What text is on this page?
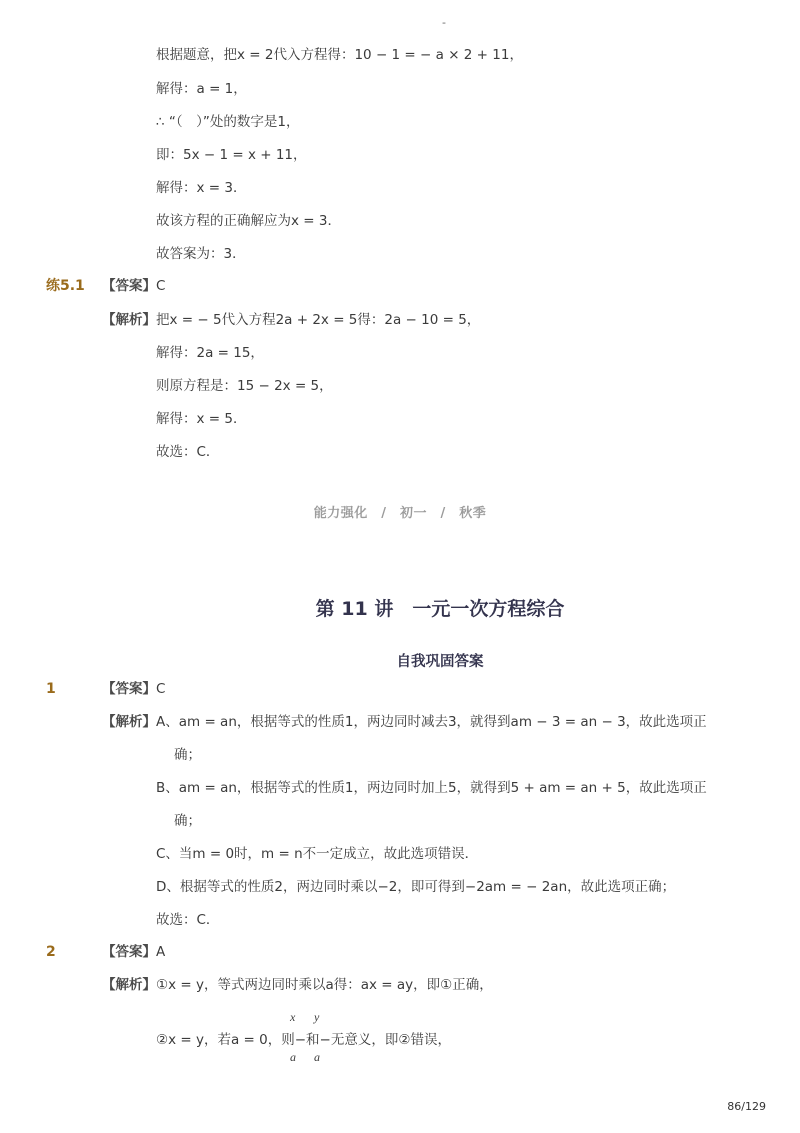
-
根据题意，把x = 2代入方程得：10 − 1 = − a × 2 + 11，
解得：a = 1，
∴ “（　）”处的数字是1，
即：5x − 1 = x + 11，
解得：x = 3．
故该方程的正确解应为x = 3．
故答案为：3．
练5.1 【答案】 C
【解析】 把x = − 5代入方程2a + 2x = 5得：2a − 10 = 5，
解得：2a = 15，
则原方程是：15 − 2x = 5，
解得：x = 5．
故选：C．
能力强化　/　初一　/　秋季
第 11 讲　一元一次方程综合
自我巩固答案
1	【答案】 C
【解析】 A、am = an，根据等式的性质1，两边同时减去3，就得到am − 3 = an − 3，故此选项正
确；
B、am = an，根据等式的性质1，两边同时加上5，就得到5 + am = an + 5，故此选项正
确；
C、当m = 0时，m = n不一定成立，故此选项错误．
D、根据等式的性质2，两边同时乘以−2，即可得到−2am = − 2an，故此选项正确；
故选：C．
2	【答案】 A
【解析】 ①x = y，等式两边同时乘以a得：ax = ay，即①正确，
x y
②x = y，若a = 0，则−和−无意义，即②错误，
a a
86/129
